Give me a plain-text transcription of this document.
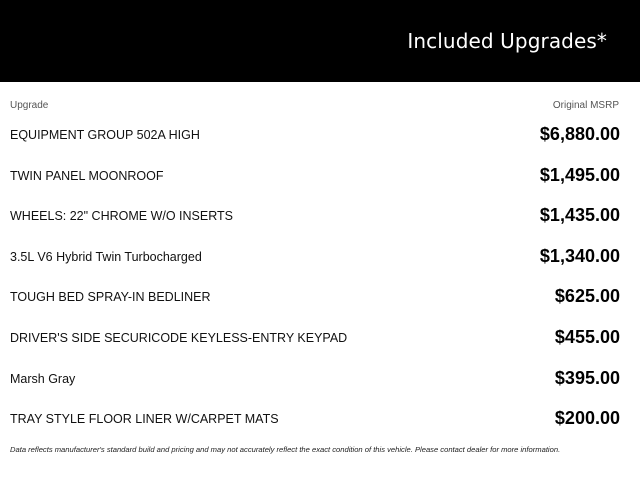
Included Upgrades*
Upgrade	Original MSRP
EQUIPMENT GROUP 502A HIGH	$6,880.00
TWIN PANEL MOONROOF	$1,495.00
WHEELS: 22" CHROME W/O INSERTS	$1,435.00
3.5L V6 Hybrid Twin Turbocharged	$1,340.00
TOUGH BED SPRAY-IN BEDLINER	$625.00
DRIVER'S SIDE SECURICODE KEYLESS-ENTRY KEYPAD	$455.00
Marsh Gray	$395.00
TRAY STYLE FLOOR LINER W/CARPET MATS	$200.00
Data reflects manufacturer's standard build and pricing and may not accurately reflect the exact condition of this vehicle. Please contact dealer for more information.
